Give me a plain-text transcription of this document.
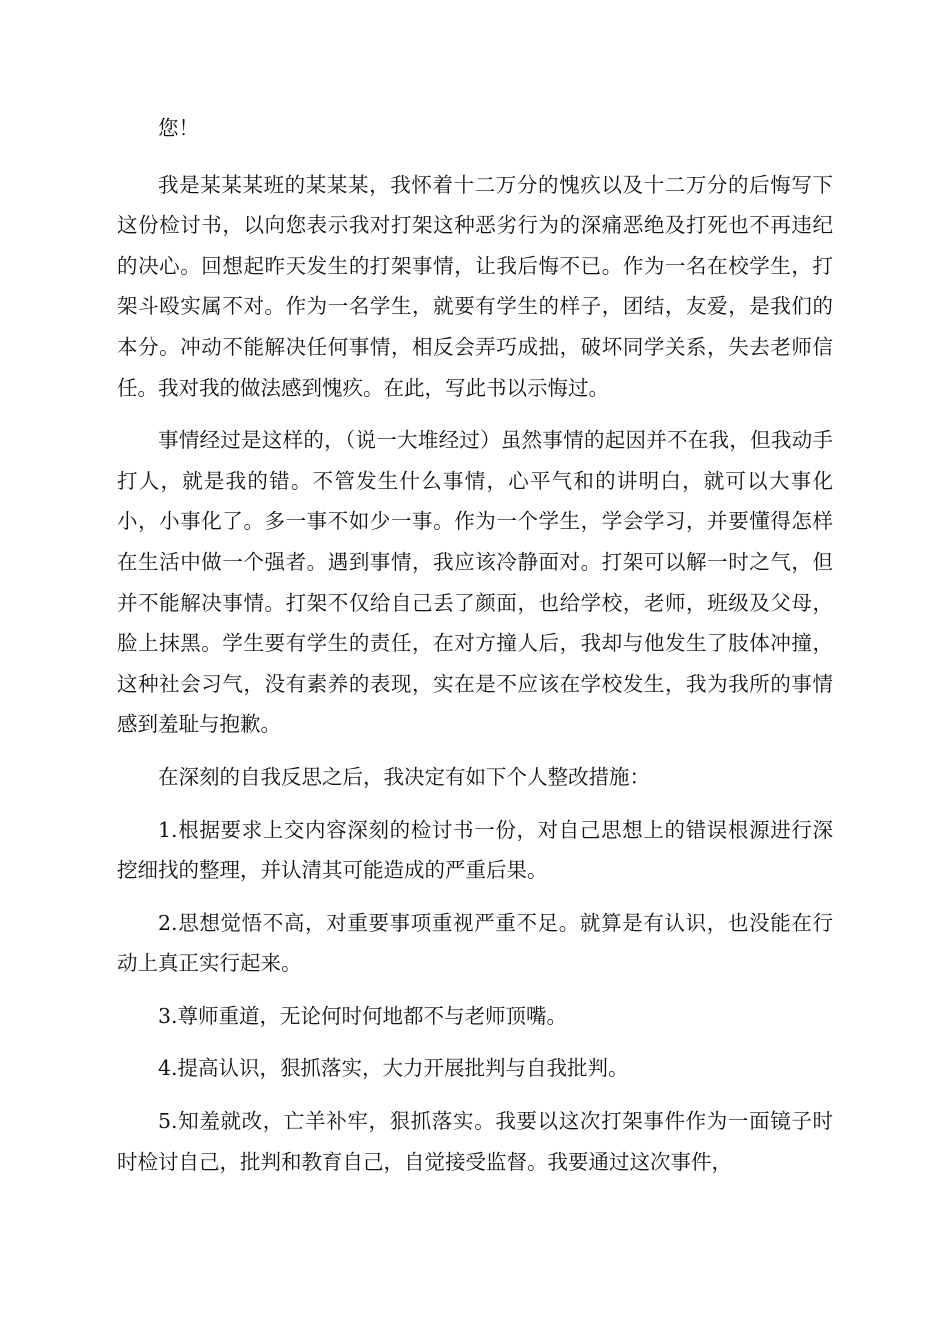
您！

我是某某某班的某某某，我怀着十二万分的愧疚以及十二万分的后悔写下这份检讨书，以向您表示我对打架这种恶劣行为的深痛恶绝及打死也不再违纪的决心。回想起昨天发生的打架事情，让我后悔不已。作为一名在校学生，打架斗殴实属不对。作为一名学生，就要有学生的样子，团结，友爱，是我们的本分。冲动不能解决任何事情，相反会弄巧成拙，破坏同学关系，失去老师信任。我对我的做法感到愧疚。在此，写此书以示悔过。

事情经过是这样的，（说一大堆经过）虽然事情的起因并不在我，但我动手打人，就是我的错。不管发生什么事情，心平气和的讲明白，就可以大事化小，小事化了。多一事不如少一事。作为一个学生，学会学习，并要懂得怎样在生活中做一个强者。遇到事情，我应该冷静面对。打架可以解一时之气，但并不能解决事情。打架不仅给自己丢了颜面，也给学校，老师，班级及父母，脸上抹黑。学生要有学生的责任，在对方撞人后，我却与他发生了肢体冲撞，这种社会习气，没有素养的表现，实在是不应该在学校发生，我为我所的事情感到羞耻与抱歉。

在深刻的自我反思之后，我决定有如下个人整改措施：

1.根据要求上交内容深刻的检讨书一份，对自己思想上的错误根源进行深挖细找的整理，并认清其可能造成的严重后果。

2.思想觉悟不高，对重要事项重视严重不足。就算是有认识，也没能在行动上真正实行起来。

3.尊师重道，无论何时何地都不与老师顶嘴。

4.提高认识，狠抓落实，大力开展批判与自我批判。

5.知羞就改，亡羊补牢，狠抓落实。我要以这次打架事件作为一面镜子时时检讨自己，批判和教育自己，自觉接受监督。我要通过这次事件，
